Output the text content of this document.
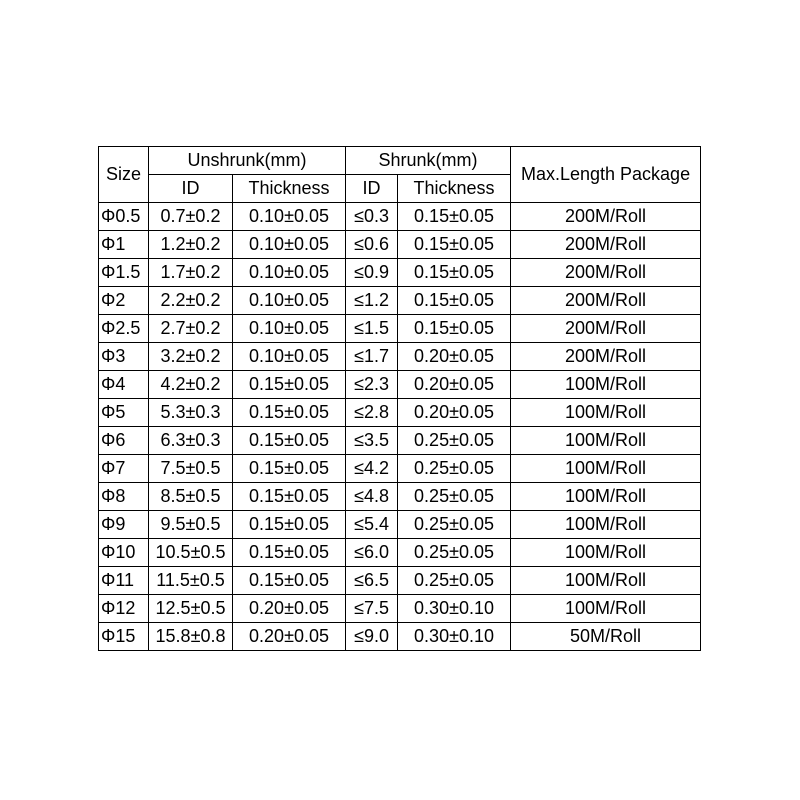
Size	Unshrunk(mm)		Shrunk(mm)		Max.Length Package
	ID	Thickness	ID	Thickness	
Φ0.5	0.7±0.2	0.10±0.05	≤0.3	0.15±0.05	200M/Roll
Φ1	1.2±0.2	0.10±0.05	≤0.6	0.15±0.05	200M/Roll
Φ1.5	1.7±0.2	0.10±0.05	≤0.9	0.15±0.05	200M/Roll
Φ2	2.2±0.2	0.10±0.05	≤1.2	0.15±0.05	200M/Roll
Φ2.5	2.7±0.2	0.10±0.05	≤1.5	0.15±0.05	200M/Roll
Φ3	3.2±0.2	0.10±0.05	≤1.7	0.20±0.05	200M/Roll
Φ4	4.2±0.2	0.15±0.05	≤2.3	0.20±0.05	100M/Roll
Φ5	5.3±0.3	0.15±0.05	≤2.8	0.20±0.05	100M/Roll
Φ6	6.3±0.3	0.15±0.05	≤3.5	0.25±0.05	100M/Roll
Φ7	7.5±0.5	0.15±0.05	≤4.2	0.25±0.05	100M/Roll
Φ8	8.5±0.5	0.15±0.05	≤4.8	0.25±0.05	100M/Roll
Φ9	9.5±0.5	0.15±0.05	≤5.4	0.25±0.05	100M/Roll
Φ10	10.5±0.5	0.15±0.05	≤6.0	0.25±0.05	100M/Roll
Φ11	11.5±0.5	0.15±0.05	≤6.5	0.25±0.05	100M/Roll
Φ12	12.5±0.5	0.20±0.05	≤7.5	0.30±0.10	100M/Roll
Φ15	15.8±0.8	0.20±0.05	≤9.0	0.30±0.10	50M/Roll
